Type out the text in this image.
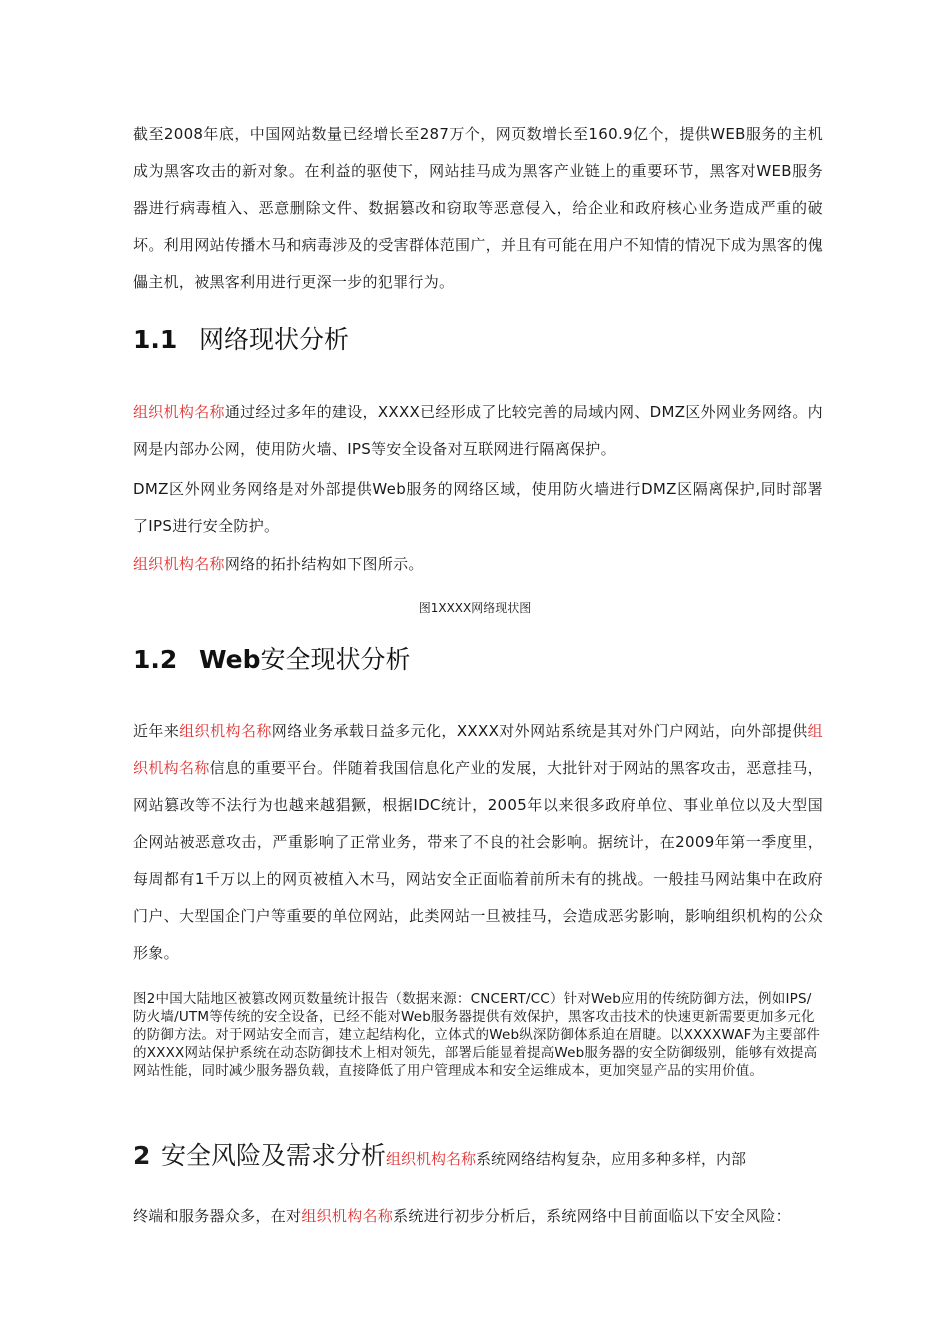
截至2008年底，中国网站数量已经增长至287万个，网页数增长至160.9亿个，提供WEB服务的主机成为黑客攻击的新对象。在利益的驱使下，网站挂马成为黑客产业链上的重要环节，黑客对WEB服务器进行病毒植入、恶意删除文件、数据篡改和窃取等恶意侵入，给企业和政府核心业务造成严重的破坏。利用网站传播木马和病毒涉及的受害群体范围广，并且有可能在用户不知情的情况下成为黑客的傀儡主机，被黑客利用进行更深一步的犯罪行为。

1.1 网络现状分析

组织机构名称通过经过多年的建设，XXXX已经形成了比较完善的局域内网、DMZ区外网业务网络。内网是内部办公网，使用防火墙、IPS等安全设备对互联网进行隔离保护。

DMZ区外网业务网络是对外部提供Web服务的网络区域，使用防火墙进行DMZ区隔离保护,同时部署了IPS进行安全防护。

组织机构名称网络的拓扑结构如下图所示。

图1XXXX网络现状图

1.2 Web安全现状分析

近年来组织机构名称网络业务承载日益多元化，XXXX对外网站系统是其对外门户网站，向外部提供组织机构名称信息的重要平台。伴随着我国信息化产业的发展，大批针对于网站的黑客攻击，恶意挂马，网站篡改等不法行为也越来越猖獗，根据IDC统计，2005年以来很多政府单位、事业单位以及大型国企网站被恶意攻击，严重影响了正常业务，带来了不良的社会影响。据统计，在2009年第一季度里，每周都有1千万以上的网页被植入木马，网站安全正面临着前所未有的挑战。一般挂马网站集中在政府门户、大型国企门户等重要的单位网站，此类网站一旦被挂马，会造成恶劣影响，影响组织机构的公众形象。

图2中国大陆地区被篡改网页数量统计报告（数据来源：CNCERT/CC）针对Web应用的传统防御方法，例如IPS/防火墙/UTM等传统的安全设备，已经不能对Web服务器提供有效保护，黑客攻击技术的快速更新需要更加多元化的防御方法。对于网站安全而言，建立起结构化，立体式的Web纵深防御体系迫在眉睫。以XXXXWAF为主要部件的XXXX网站保护系统在动态防御技术上相对领先，部署后能显着提高Web服务器的安全防御级别，能够有效提高网站性能，同时减少服务器负载，直接降低了用户管理成本和安全运维成本，更加突显产品的实用价值。

2 安全风险及需求分析组织机构名称系统网络结构复杂，应用多种多样，内部

终端和服务器众多，在对组织机构名称系统进行初步分析后，系统网络中目前面临以下安全风险：
